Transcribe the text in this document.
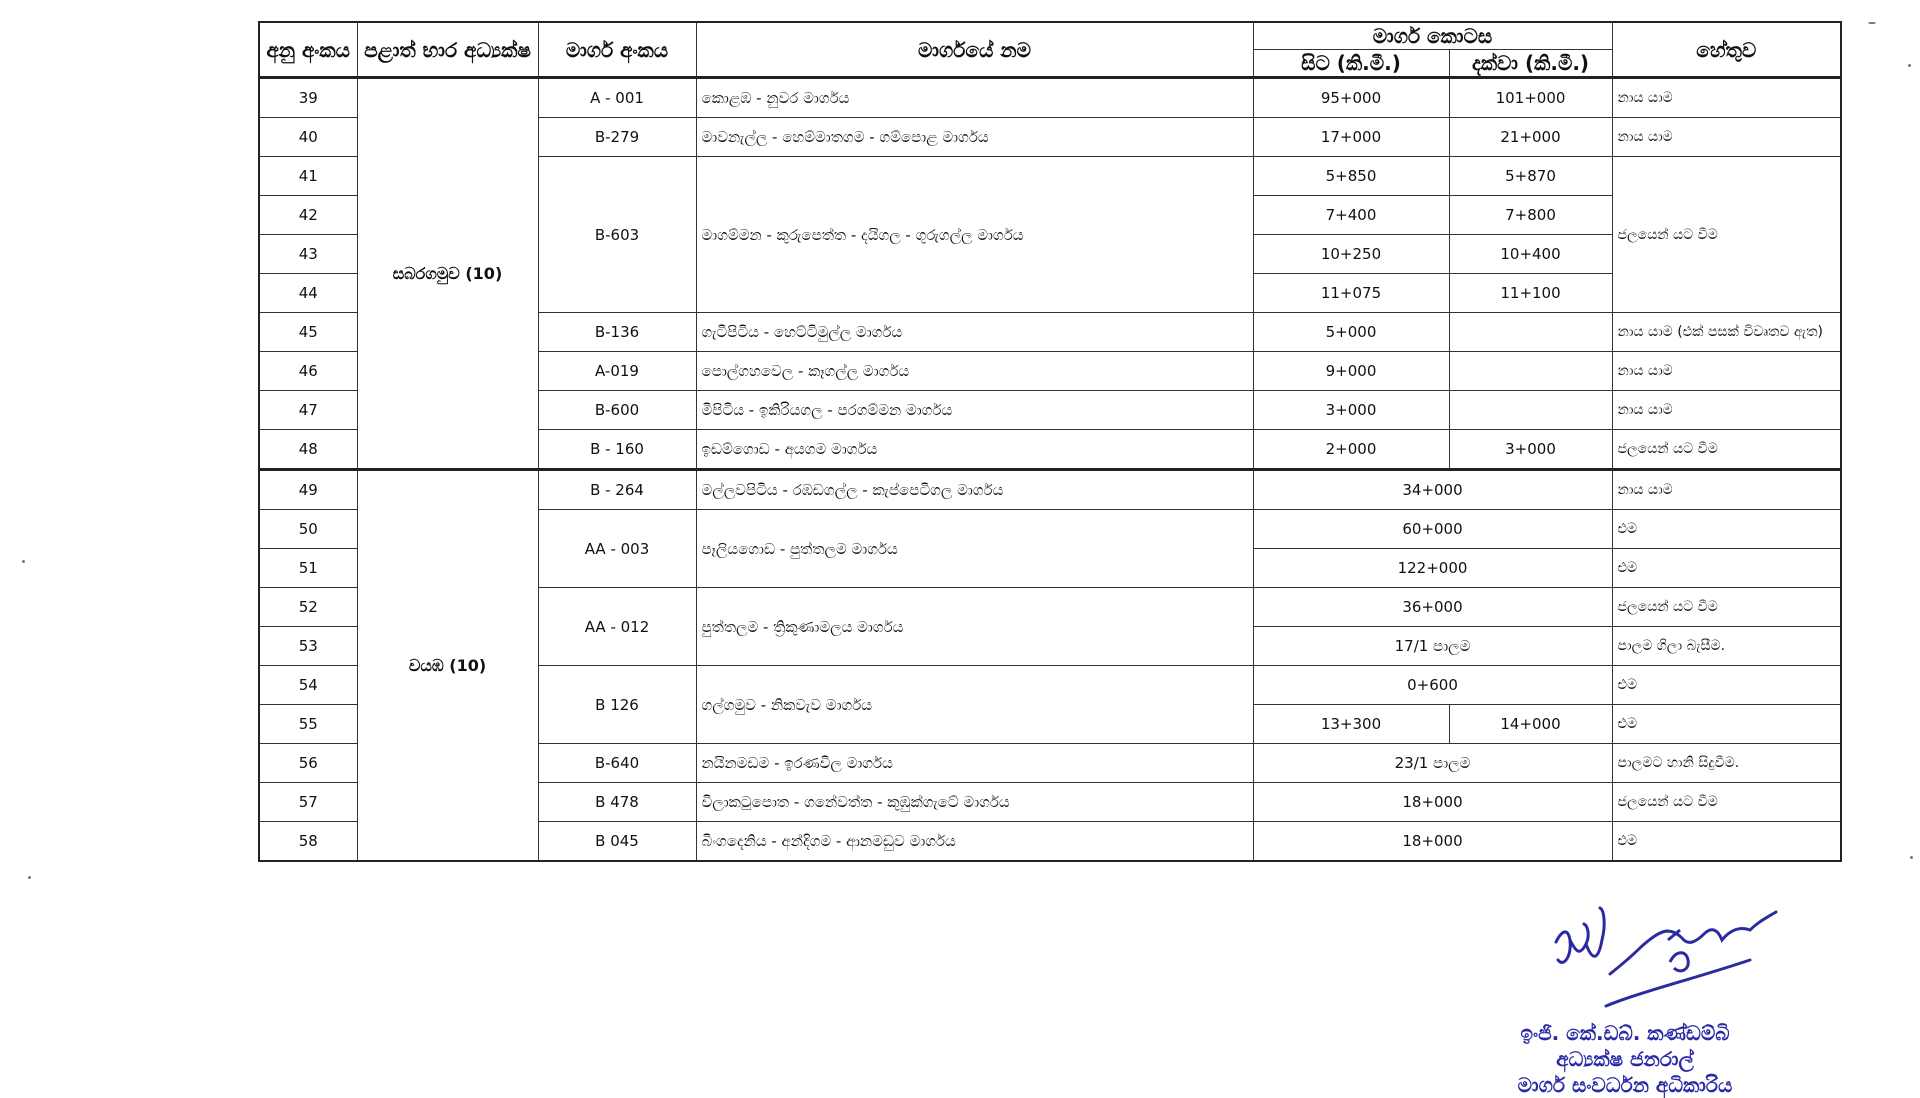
අනු අංකය	පළාත් භාර අධ්‍යක්ෂ	මාර්ග අංකය	මාර්ගයේ නම	මාර්ග කොටස		හේතුව
				සිට (කි.මී.)	දක්වා (කි.මී.)	
39	සබරගමුව (10)	A - 001	කොළඹ - නුවර මාර්ගය	95+000	101+000	නාය යාම
40		B-279	මාවනැල්ල - හෙම්මාතගම - ගම්පොළ මාර්ගය	17+000	21+000	නාය යාම
41		B-603	මාගම්මන - කුරුපෙත්ත - දයිගල - ගුරුගල්ල මාර්ගය	5+850	5+870	ජලයෙන් යට වීම
42				7+400	7+800	
43				10+250	10+400	
44				11+075	11+100	
45		B-136	ගැටිපිටිය - හෙට්ටිමුල්ල මාර්ගය	5+000		නාය යාම (එක් පසක් විවෘතව ඇත)
46		A-019	පොල්ගහවෙල - කෑගල්ල මාර්ගය	9+000		නාය යාම
47		B-600	මීපිටිය - ඉකිරියගල - පරගම්මන මාර්ගය	3+000		නාය යාම
48		B - 160	ඉඩම්ගොඩ - අයගම මාර්ගය	2+000	3+000	ජලයෙන් යට වීම
49	වයඹ (10)	B - 264	මල්ලවපිටිය - රඹඩගල්ල - කැප්පෙටිගල මාර්ගය	34+000		නාය යාම
50		AA - 003	පෑලියගොඩ - පුත්තලම මාර්ගය	60+000		එම
51				122+000		එම
52		AA - 012	පුත්තලම - ත්‍රිකුණාමලය මාර්ගය	36+000		ජලයෙන් යට වීම
53				17/1 පාලම		පාලම ගිලා බැසීම.
54		B 126	ගල්ගමුව - නිකවැව මාර්ගය	0+600		එම
55				13+300	14+000	එම
56		B-640	නයිනමඩම - ඉරණවිල මාර්ගය	23/1 පාලම		පාලමට හානි සිදුවීම.
57		B 478	විලාකටුපොත - ගනේවත්ත - කුඹුක්ගැටේ මාර්ගය	18+000		ජලයෙන් යට වීම
58		B 045	බිංගදෙනිය - අන්දිගම - ආනමඩුව මාර්ගය	18+000		එම
ඉංජි. කේ.ඩබ්. කණ්ඩම්බි
අධ්‍යක්ෂ ජනරාල්
මාර්ග සංවර්ධන අධිකාරිය
